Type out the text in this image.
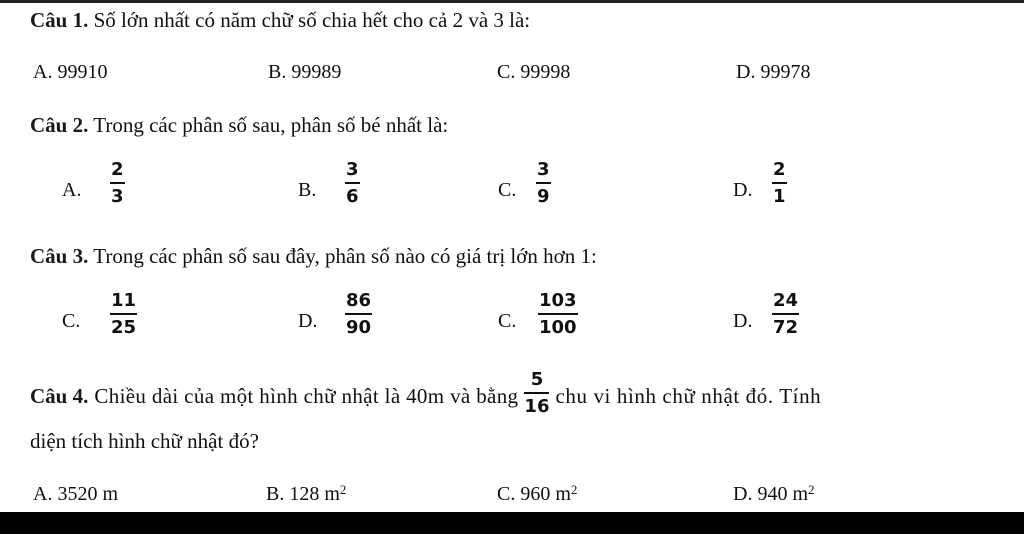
Câu 1. Số lớn nhất có năm chữ số chia hết cho cả 2 và 3 là:
A. 99910	B. 99989	C. 99998	D. 99978
Câu 2. Trong các phân số sau, phân số bé nhất là:
A.
2
3	B.
3
6	C.
3
9	D.
2
1
Câu 3. Trong các phân số sau đây, phân số nào có giá trị lớn hơn 1:
C.
11
25	D.
86
90	C.
103
100	D.
24
72
Câu 4. Chiều dài của một hình chữ nhật là 40m và bằng $\frac{5}{16}$ chu vi hình chữ nhật đó. Tính
diện tích hình chữ nhật đó?
A. 3520 m	B. 128 $m^2$	C. 960 $m^2$	D. 940 $m^2$
